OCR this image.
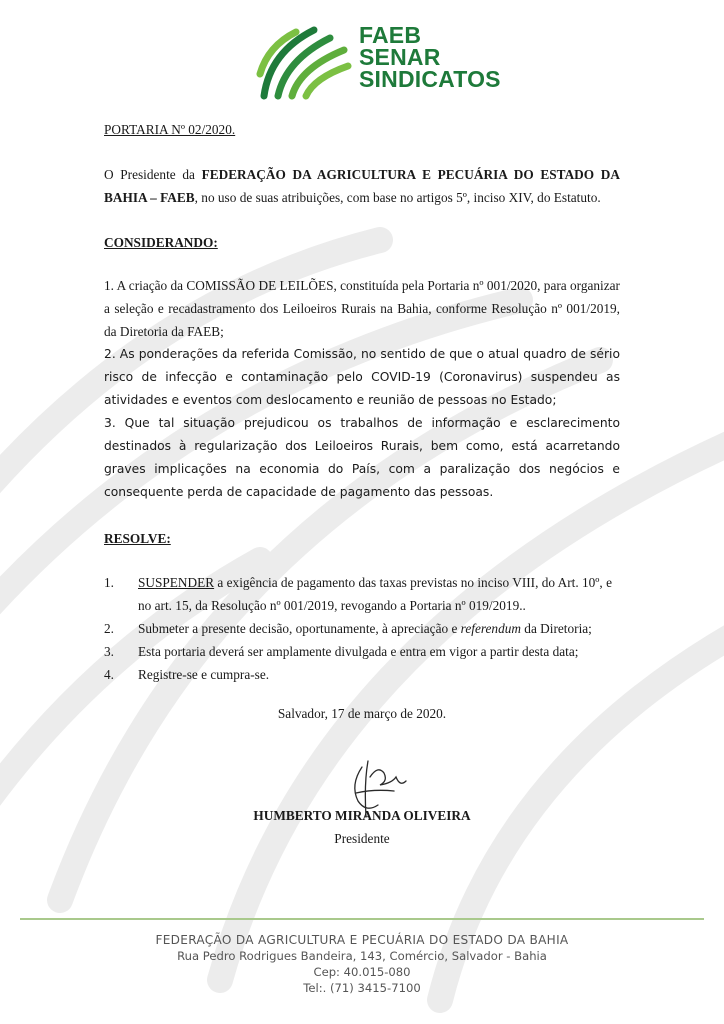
FAEB
SENAR
SINDICATOS

PORTARIA Nº 02/2020.

O Presidente da FEDERAÇÃO DA AGRICULTURA E PECUÁRIA DO ESTADO DA BAHIA – FAEB, no uso de suas atribuições, com base no artigos 5º, inciso XIV, do Estatuto.

CONSIDERANDO:

1. A criação da COMISSÃO DE LEILÕES, constituída pela Portaria nº 001/2020, para organizar a seleção e recadastramento dos Leiloeiros Rurais na Bahia, conforme Resolução nº 001/2019, da Diretoria da FAEB;

2. As ponderações da referida Comissão, no sentido de que o atual quadro de sério risco de infecção e contaminação pelo COVID-19 (Coronavirus) suspendeu as atividades e eventos com deslocamento e reunião de pessoas no Estado;

3. Que tal situação prejudicou os trabalhos de informação e esclarecimento destinados à regularização dos Leiloeiros Rurais, bem como, está acarretando graves implicações na economia do País, com a paralização dos negócios e consequente perda de capacidade de pagamento das pessoas.

RESOLVE:

1. SUSPENDER a exigência de pagamento das taxas previstas no inciso VIII, do Art. 10º, e no art. 15, da Resolução nº 001/2019, revogando a Portaria nº 019/2019..
2. Submeter a presente decisão, oportunamente, à apreciação e referendum da Diretoria;
3. Esta portaria deverá ser amplamente divulgada e entra em vigor a partir desta data;
4. Registre-se e cumpra-se.

Salvador, 17 de março de 2020.

HUMBERTO MIRANDA OLIVEIRA
Presidente
FEDERAÇÃO DA AGRICULTURA E PECUÁRIA DO ESTADO DA BAHIA
Rua Pedro Rodrigues Bandeira, 143, Comércio, Salvador - Bahia
Cep: 40.015-080
Tel:. (71) 3415-7100
